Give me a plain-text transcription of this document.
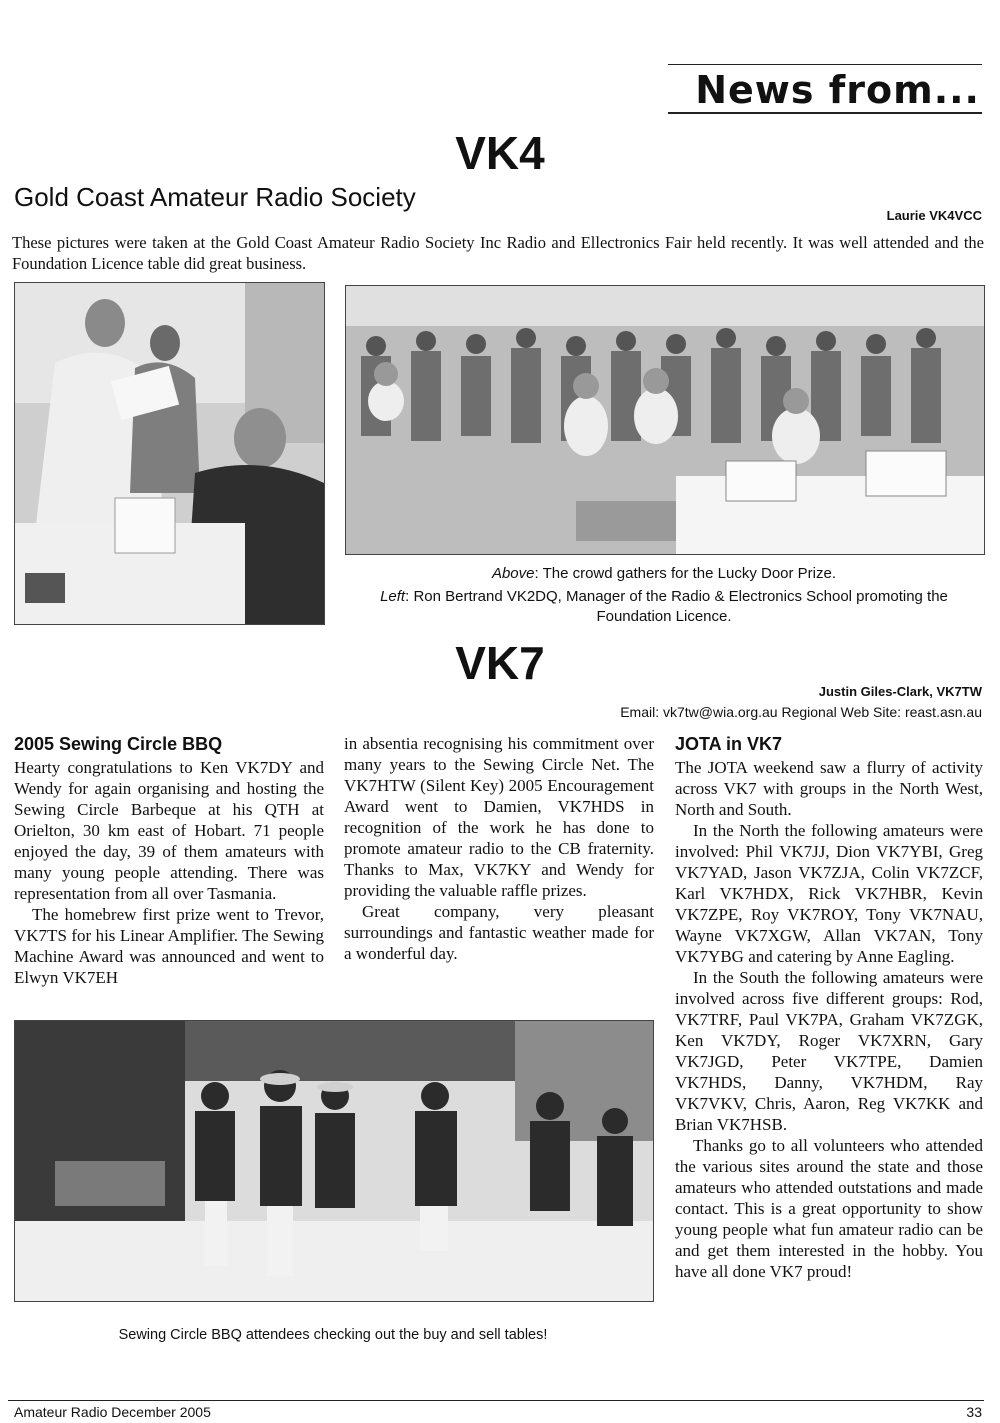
News from...
VK4
Gold Coast Amateur Radio Society
Laurie VK4VCC
These pictures were taken at the Gold Coast Amateur Radio Society Inc Radio and Ellectronics Fair held recently. It was well attended and the Foundation Licence table did great business.
Above: The crowd gathers for the Lucky Door Prize.
Left: Ron Bertrand VK2DQ, Manager of the Radio & Electronics School promoting the Foundation Licence.
VK7
Justin Giles-Clark, VK7TW
Email: vk7tw@wia.org.au Regional Web Site: reast.asn.au
2005 Sewing Circle BBQ

Hearty congratulations to Ken VK7DY and Wendy for again organising and hosting the Sewing Circle Barbeque at his QTH at Orielton, 30 km east of Hobart. 71 people enjoyed the day, 39 of them amateurs with many young people attending. There was representation from all over Tasmania.

The homebrew first prize went to Trevor, VK7TS for his Linear Amplifier. The Sewing Machine Award was announced and went to Elwyn VK7EH

in absentia recognising his commitment over many years to the Sewing Circle Net. The VK7HTW (Silent Key) 2005 Encouragement Award went to Damien, VK7HDS in recognition of the work he has done to promote amateur radio to the CB fraternity. Thanks to Max, VK7KY and Wendy for providing the valuable raffle prizes.

Great company, very pleasant surroundings and fantastic weather made for a wonderful day.

JOTA in VK7

The JOTA weekend saw a flurry of activity across VK7 with groups in the North West, North and South.

In the North the following amateurs were involved: Phil VK7JJ, Dion VK7YBI, Greg VK7YAD, Jason VK7ZJA, Colin VK7ZCF, Karl VK7HDX, Rick VK7HBR, Kevin VK7ZPE, Roy VK7ROY, Tony VK7NAU, Wayne VK7XGW, Allan VK7AN, Tony VK7YBG and catering by Anne Eagling.

In the South the following amateurs were involved across five different groups: Rod, VK7TRF, Paul VK7PA, Graham VK7ZGK, Ken VK7DY, Roger VK7XRN, Gary VK7JGD, Peter VK7TPE, Damien VK7HDS, Danny, VK7HDM, Ray VK7VKV, Chris, Aaron, Reg VK7KK and Brian VK7HSB.

Thanks go to all volunteers who attended the various sites around the state and those amateurs who attended outstations and made contact. This is a great opportunity to show young people what fun amateur radio can be and get them interested in the hobby. You have all done VK7 proud!

Sewing Circle BBQ attendees checking out the buy and sell tables!
Amateur Radio December 2005	33
